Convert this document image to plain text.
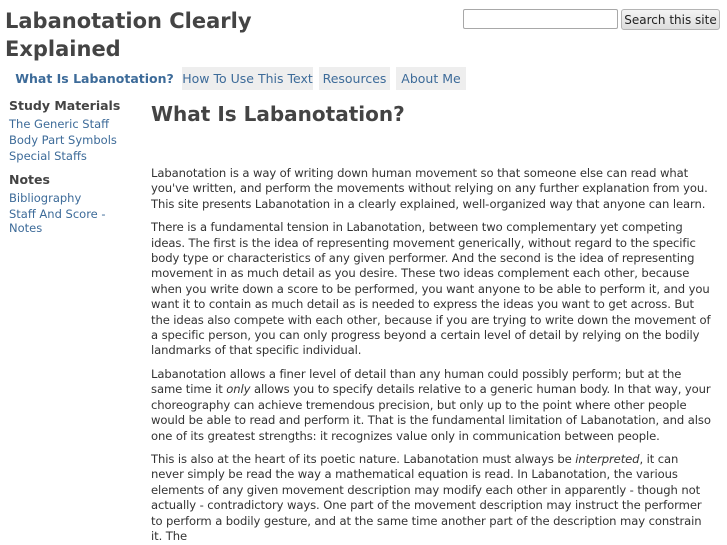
Labanotation Clearly Explained
Search this site
What Is Labanotation? How To Use This Text Resources	About Me
Study Materials
The Generic Staff
Body Part Symbols
Special Staffs
Notes
Bibliography
Staff And Score - Notes
What Is Labanotation?

Labanotation is a way of writing down human movement so that someone else can read what you've written, and perform the movements without relying on any further explanation from you. This site presents Labanotation in a clearly explained, well-organized way that anyone can learn.

There is a fundamental tension in Labanotation, between two complementary yet competing ideas. The first is the idea of representing movement generically, without regard to the specific body type or characteristics of any given performer. And the second is the idea of representing movement in as much detail as you desire. These two ideas complement each other, because when you write down a score to be performed, you want anyone to be able to perform it, and you want it to contain as much detail as is needed to express the ideas you want to get across. But the ideas also compete with each other, because if you are trying to write down the movement of a specific person, you can only progress beyond a certain level of detail by relying on the bodily landmarks of that specific individual.

Labanotation allows a finer level of detail than any human could possibly perform; but at the same time it only allows you to specify details relative to a generic human body. In that way, your choreography can achieve tremendous precision, but only up to the point where other people would be able to read and perform it. That is the fundamental limitation of Labanotation, and also one of its greatest strengths: it recognizes value only in communication between people.

This is also at the heart of its poetic nature. Labanotation must always be interpreted, it can never simply be read the way a mathematical equation is read. In Labanotation, the various elements of any given movement description may modify each other in apparently - though not actually - contradictory ways. One part of the movement description may instruct the performer to perform a bodily gesture, and at the same time another part of the description may constrain it. The
